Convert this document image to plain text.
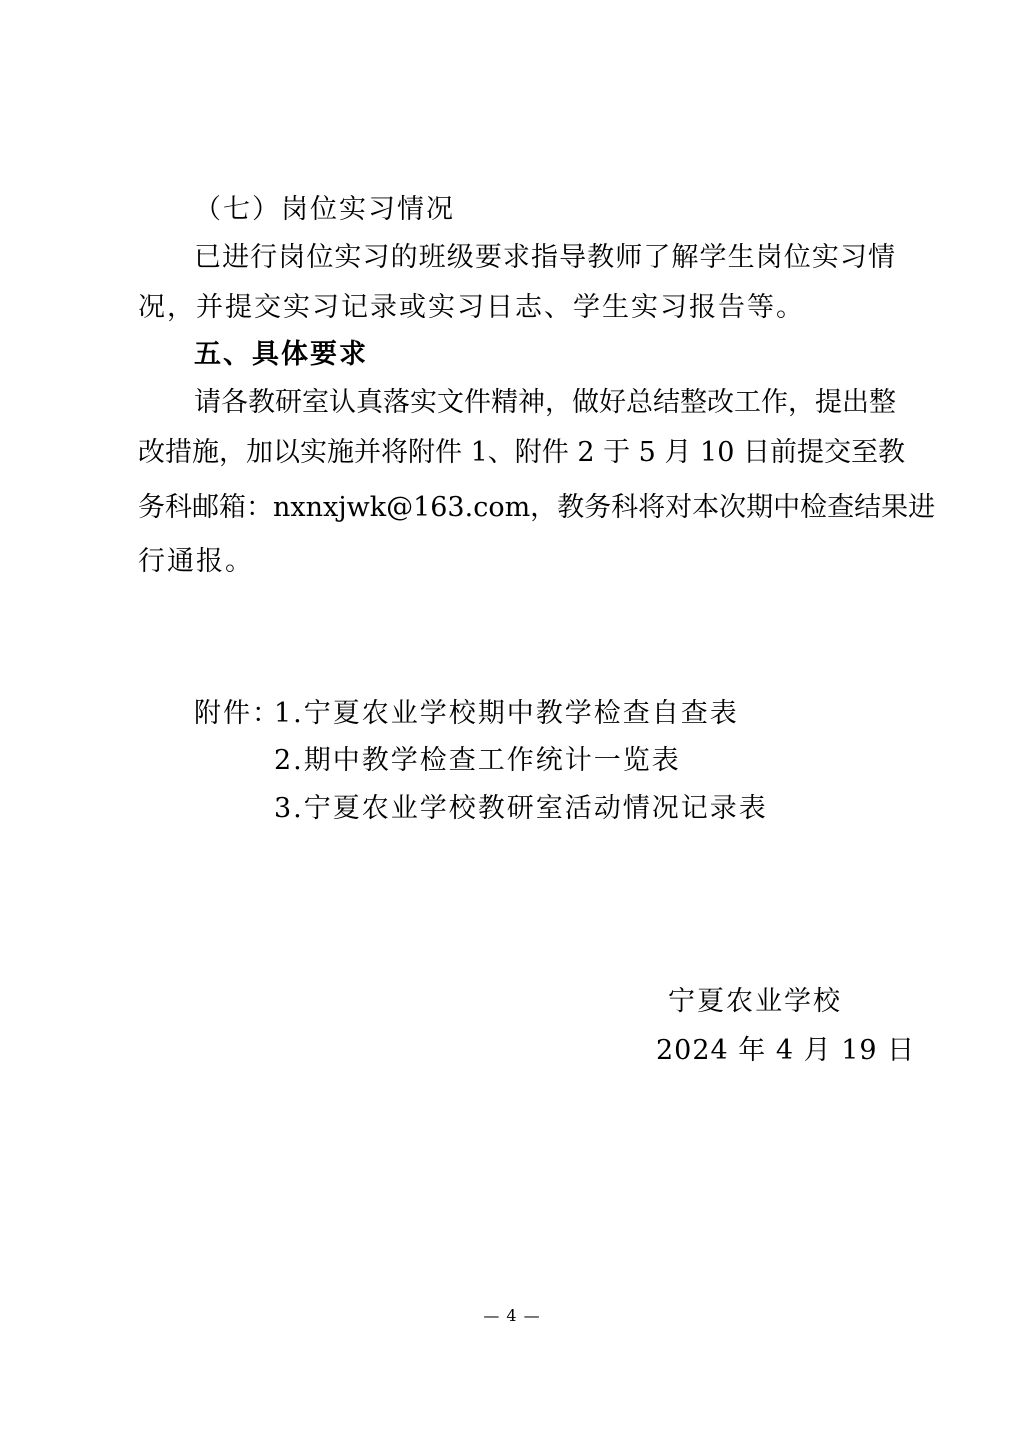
（七）岗位实习情况
已进行岗位实习的班级要求指导教师了解学生岗位实习情
况，并提交实习记录或实习日志、学生实习报告等。
五、具体要求
请各教研室认真落实文件精神，做好总结整改工作，提出整
改措施，加以实施并将附件 1、附件 2 于 5 月 10 日前提交至教
务科邮箱：nxnxjwk@163.com，教务科将对本次期中检查结果进
行通报。
附件：
1.宁夏农业学校期中教学检查自查表
2.期中教学检查工作统计一览表
3.宁夏农业学校教研室活动情况记录表
宁夏农业学校
2024 年 4 月 19 日
— 4 —
